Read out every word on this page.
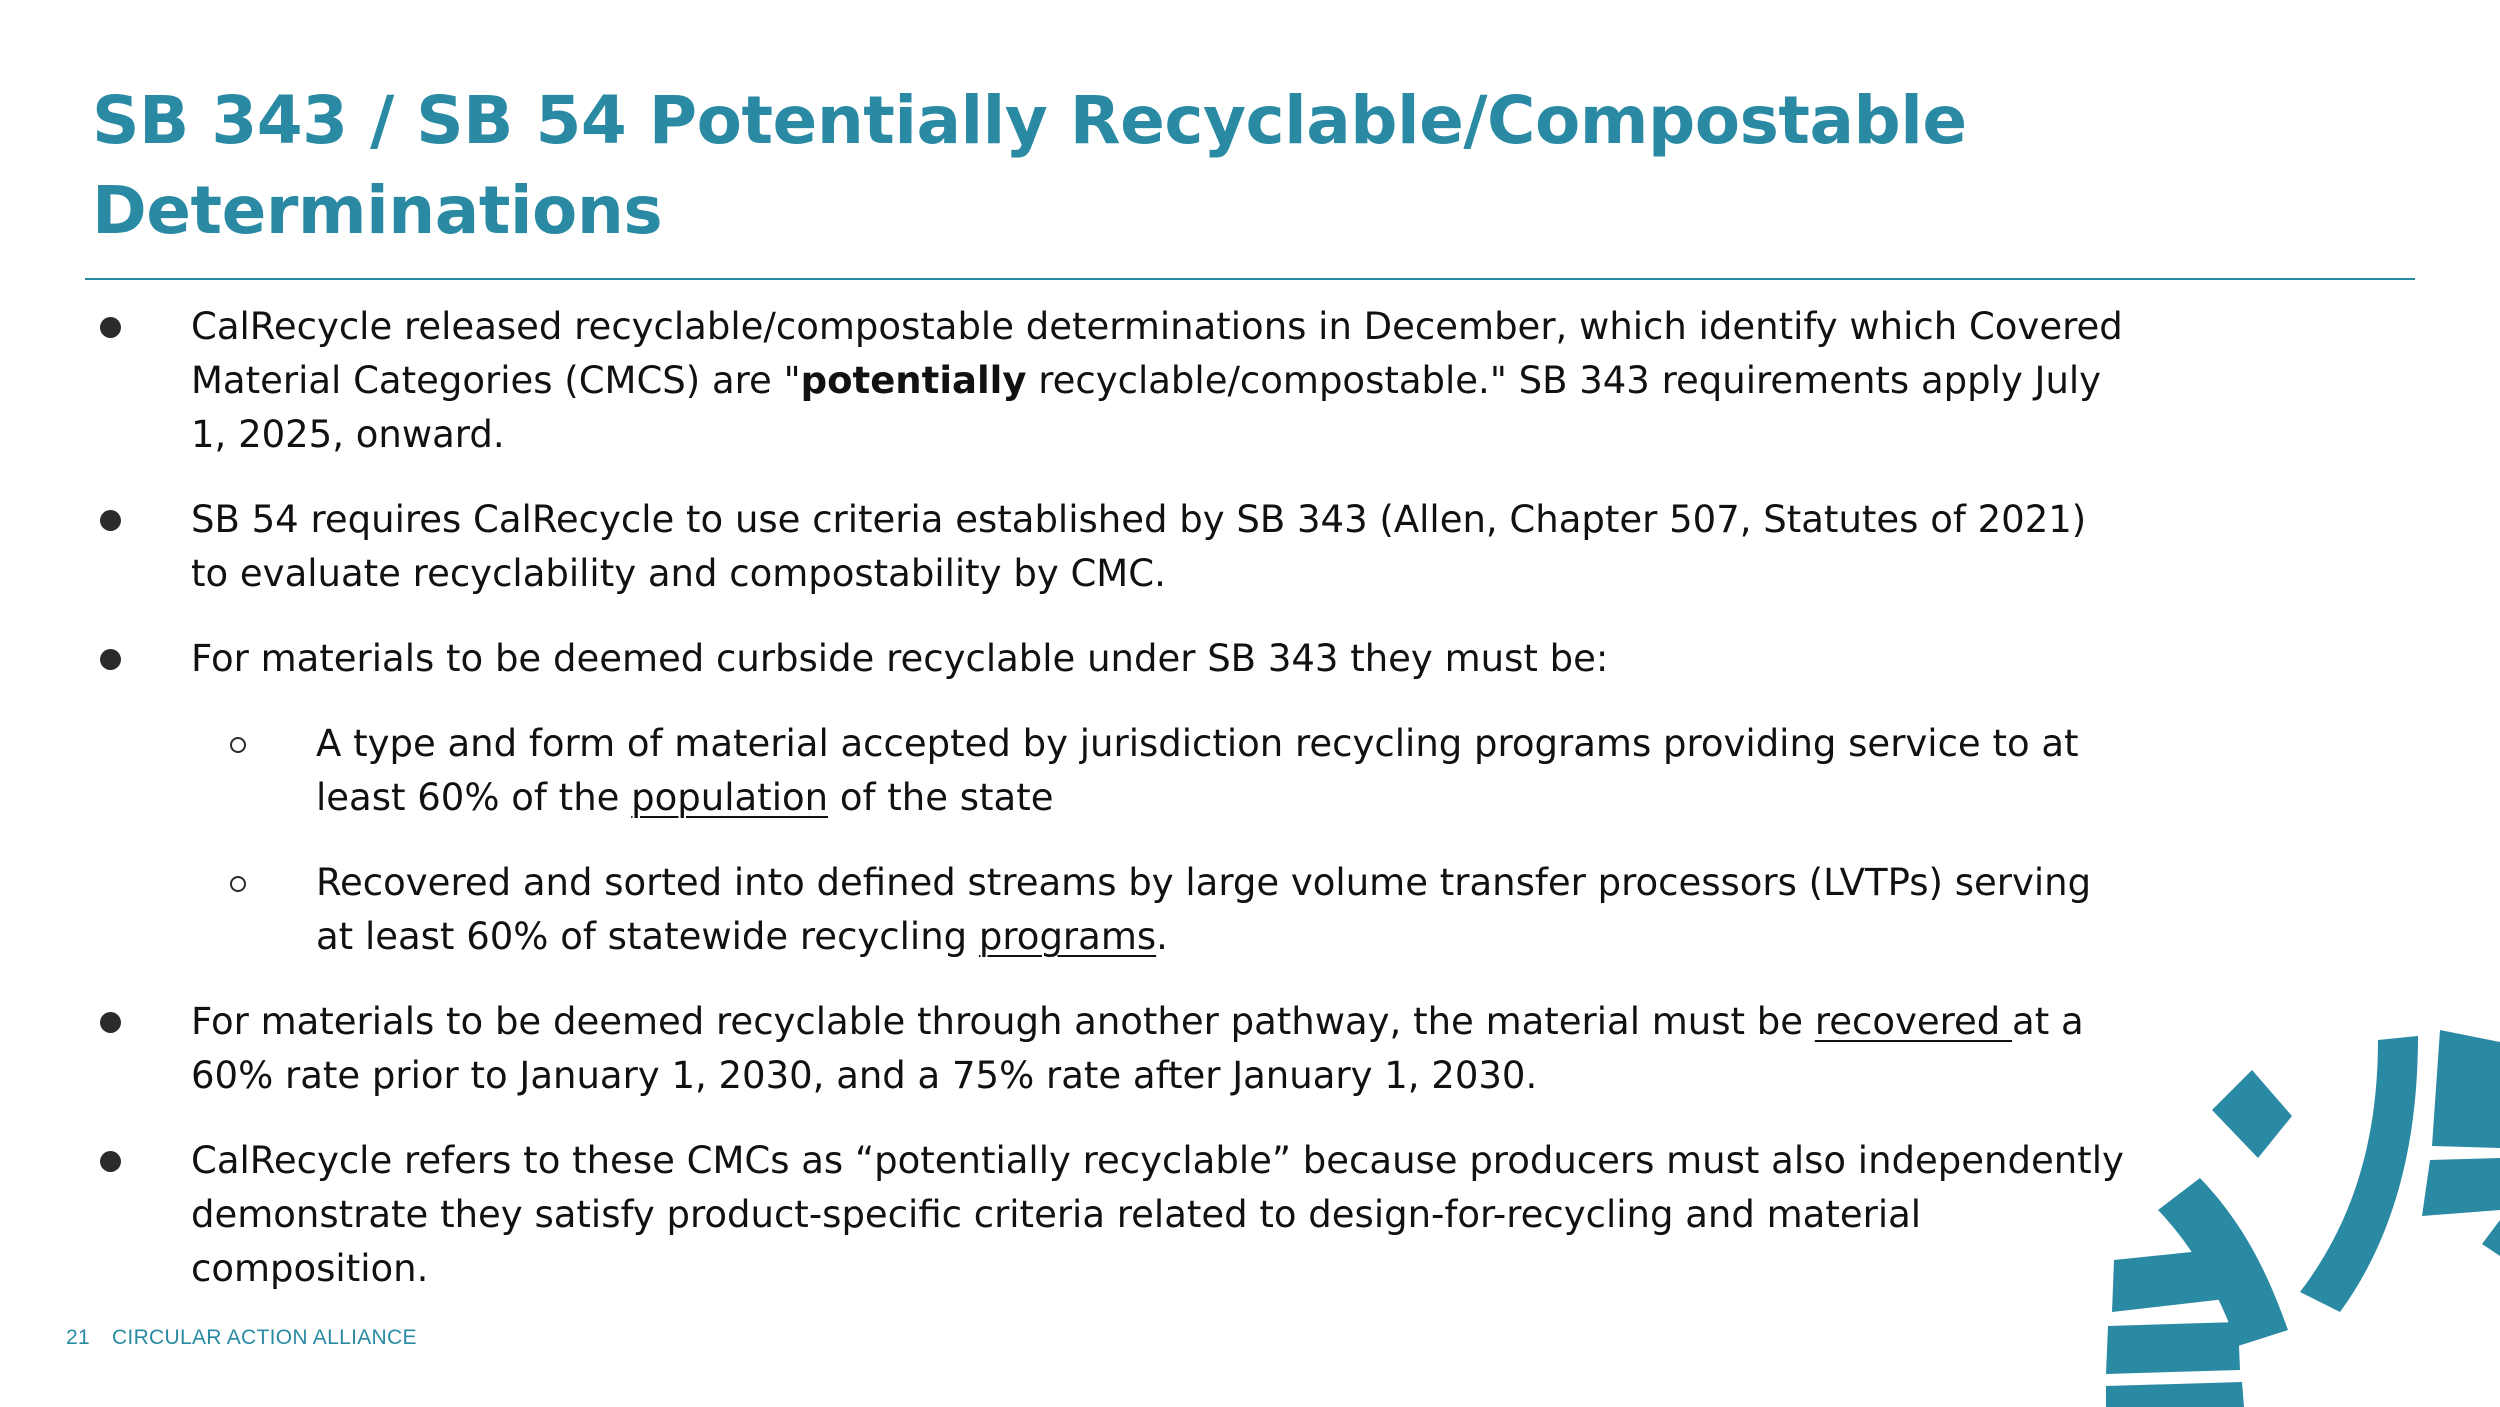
SB 343 / SB 54 Potentially Recyclable/Compostable Determinations
CalRecycle released recyclable/compostable determinations in December, which identify which Covered Material Categories (CMCS) are "potentially recyclable/compostable." SB 343 requirements apply July 1, 2025, onward.
SB 54 requires CalRecycle to use criteria established by SB 343 (Allen, Chapter 507, Statutes of 2021) to evaluate recyclability and compostability by CMC.
For materials to be deemed curbside recyclable under SB 343 they must be:
A type and form of material accepted by jurisdiction recycling programs providing service to at least 60% of the population of the state
Recovered and sorted into defined streams by large volume transfer processors (LVTPs) serving at least 60% of statewide recycling programs.
For materials to be deemed recyclable through another pathway, the material must be recovered at a 60% rate prior to January 1, 2030, and a 75% rate after January 1, 2030.
CalRecycle refers to these CMCs as “potentially recyclable” because producers must also independently demonstrate they satisfy product-specific criteria related to design-for-recycling and material composition.
21 CIRCULAR ACTION ALLIANCE
